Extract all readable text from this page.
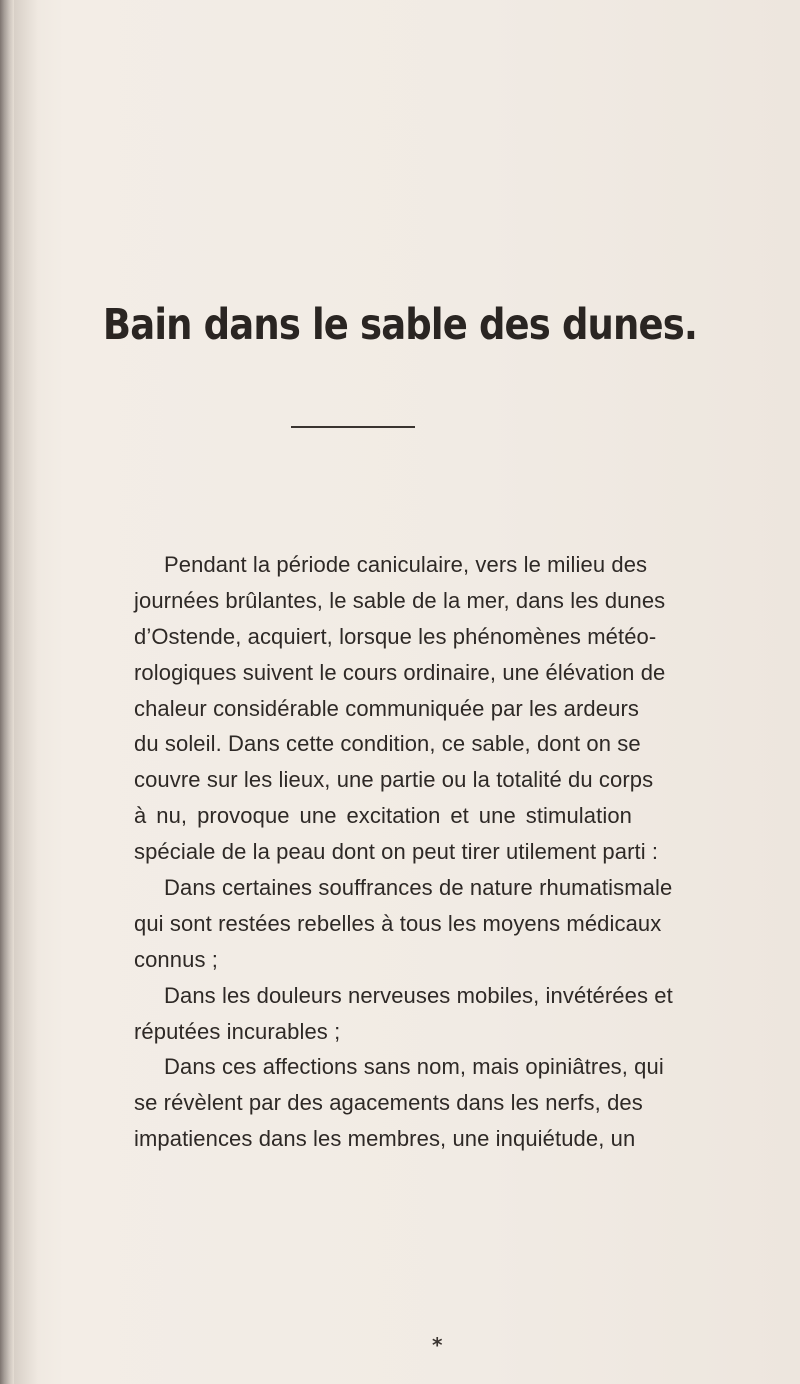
Bain dans le sable des dunes.
Pendant la période caniculaire, vers le milieu des
journées brûlantes, le sable de la mer, dans les dunes
d’Ostende, acquiert, lorsque les phénomènes météo-
rologiques suivent le cours ordinaire, une élévation de
chaleur considérable communiquée par les ardeurs
du soleil. Dans cette condition, ce sable, dont on se
couvre sur les lieux, une partie ou la totalité du corps
à nu, provoque une excitation et une stimulation
spéciale de la peau dont on peut tirer utilement parti :
Dans certaines souffrances de nature rhumatismale
qui sont restées rebelles à tous les moyens médicaux
connus ;
Dans les douleurs nerveuses mobiles, invétérées et
réputées incurables ;
Dans ces affections sans nom, mais opiniâtres, qui
se révèlent par des agacements dans les nerfs, des
impatiences dans les membres, une inquiétude, un
*
